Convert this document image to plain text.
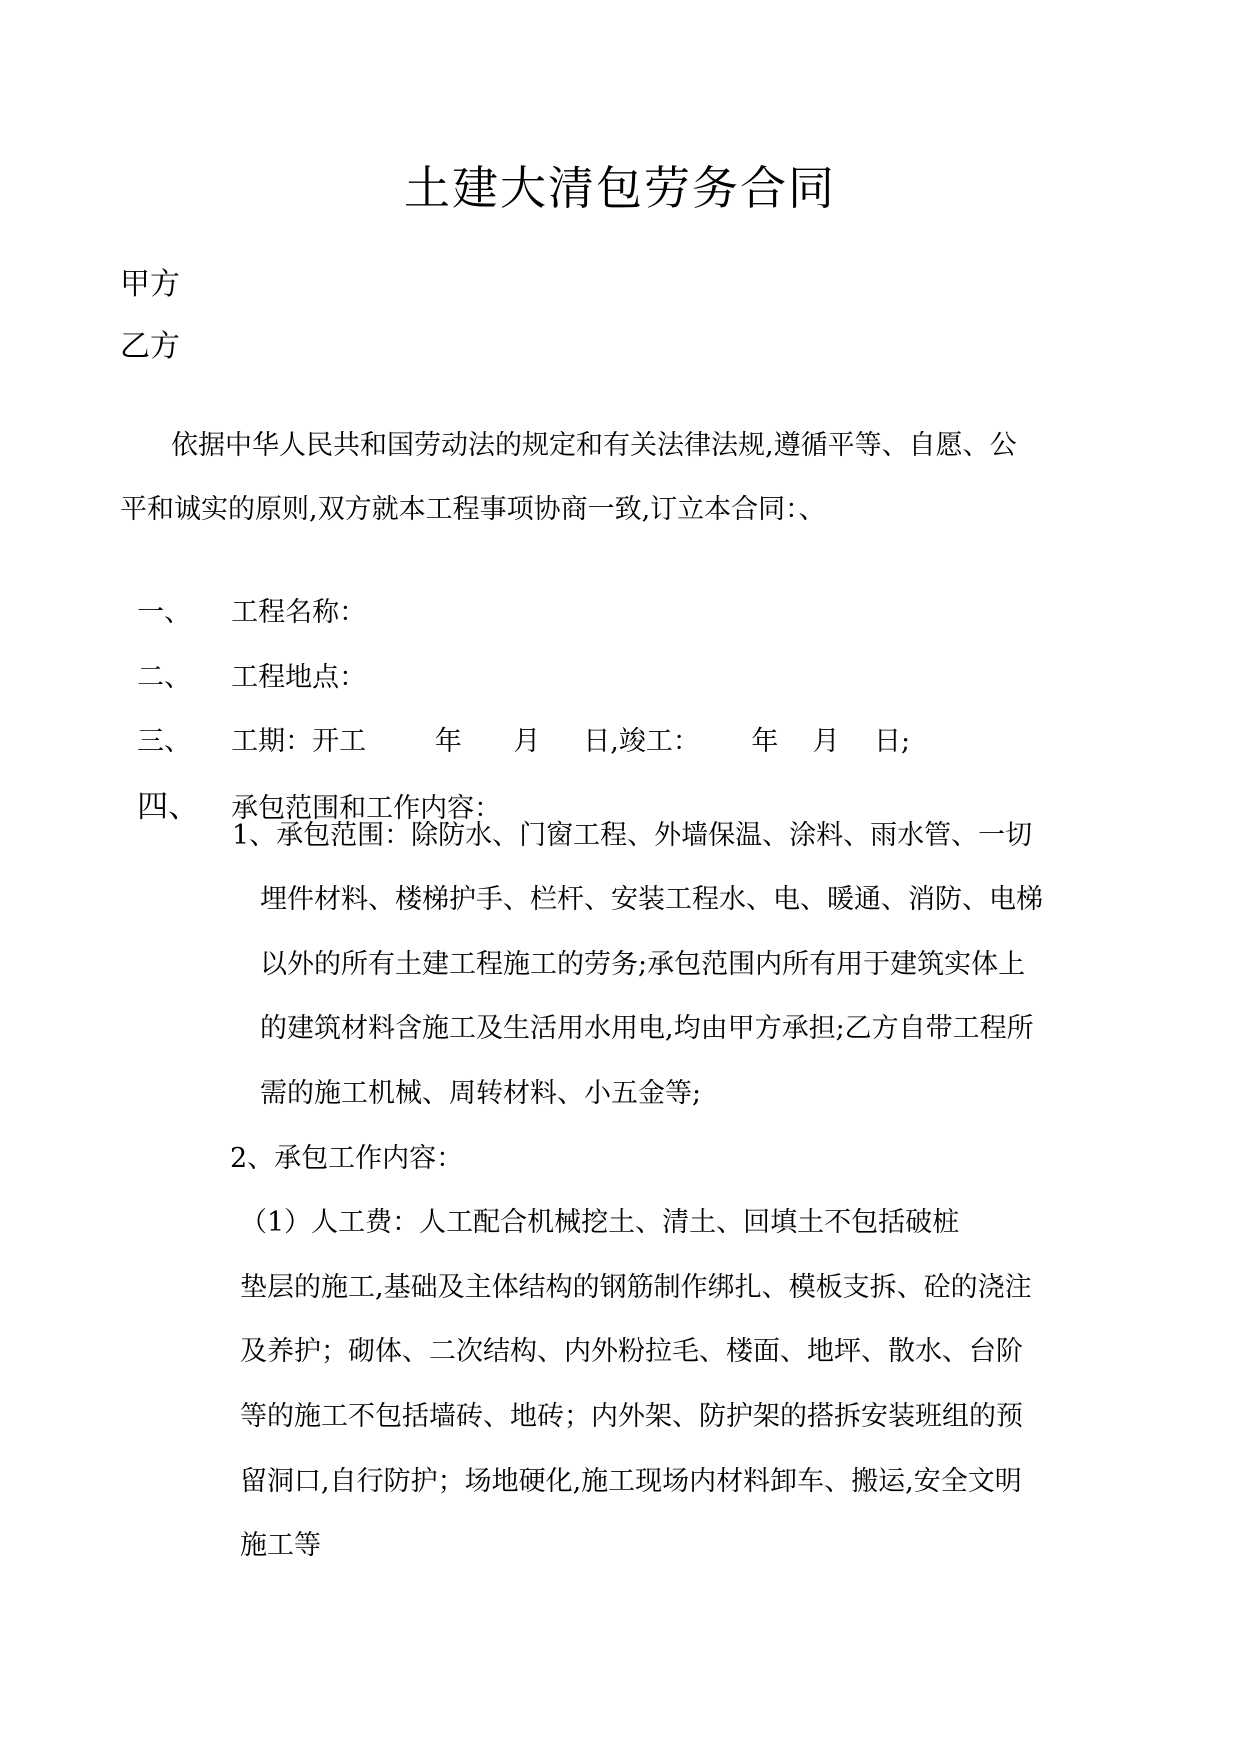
土建大清包劳务合同
甲方
乙方
依据中华人民共和国劳动法的规定和有关法律法规,遵循平等、自愿、公
平和诚实的原则,双方就本工程事项协商一致,订立本合同：、

一、 工程名称：

二、 工程地点：

三、 工期：开工        年      月     日,竣工：      年    月    日;

四、 承包范围和工作内容：

1、承包范围：除防水、门窗工程、外墙保温、涂料、雨水管、一切
埋件材料、楼梯护手、栏杆、安装工程水、电、暖通、消防、电梯
以外的所有土建工程施工的劳务;承包范围内所有用于建筑实体上
的建筑材料含施工及生活用水用电,均由甲方承担;乙方自带工程所
需的施工机械、周转材料、小五金等;
2、承包工作内容：
（1）人工费：人工配合机械挖土、清土、回填土不包括破桩
垫层的施工,基础及主体结构的钢筋制作绑扎、模板支拆、砼的浇注
及养护；砌体、二次结构、内外粉拉毛、楼面、地坪、散水、台阶
等的施工不包括墙砖、地砖；内外架、防护架的搭拆安装班组的预
留洞口,自行防护；场地硬化,施工现场内材料卸车、搬运,安全文明
施工等
